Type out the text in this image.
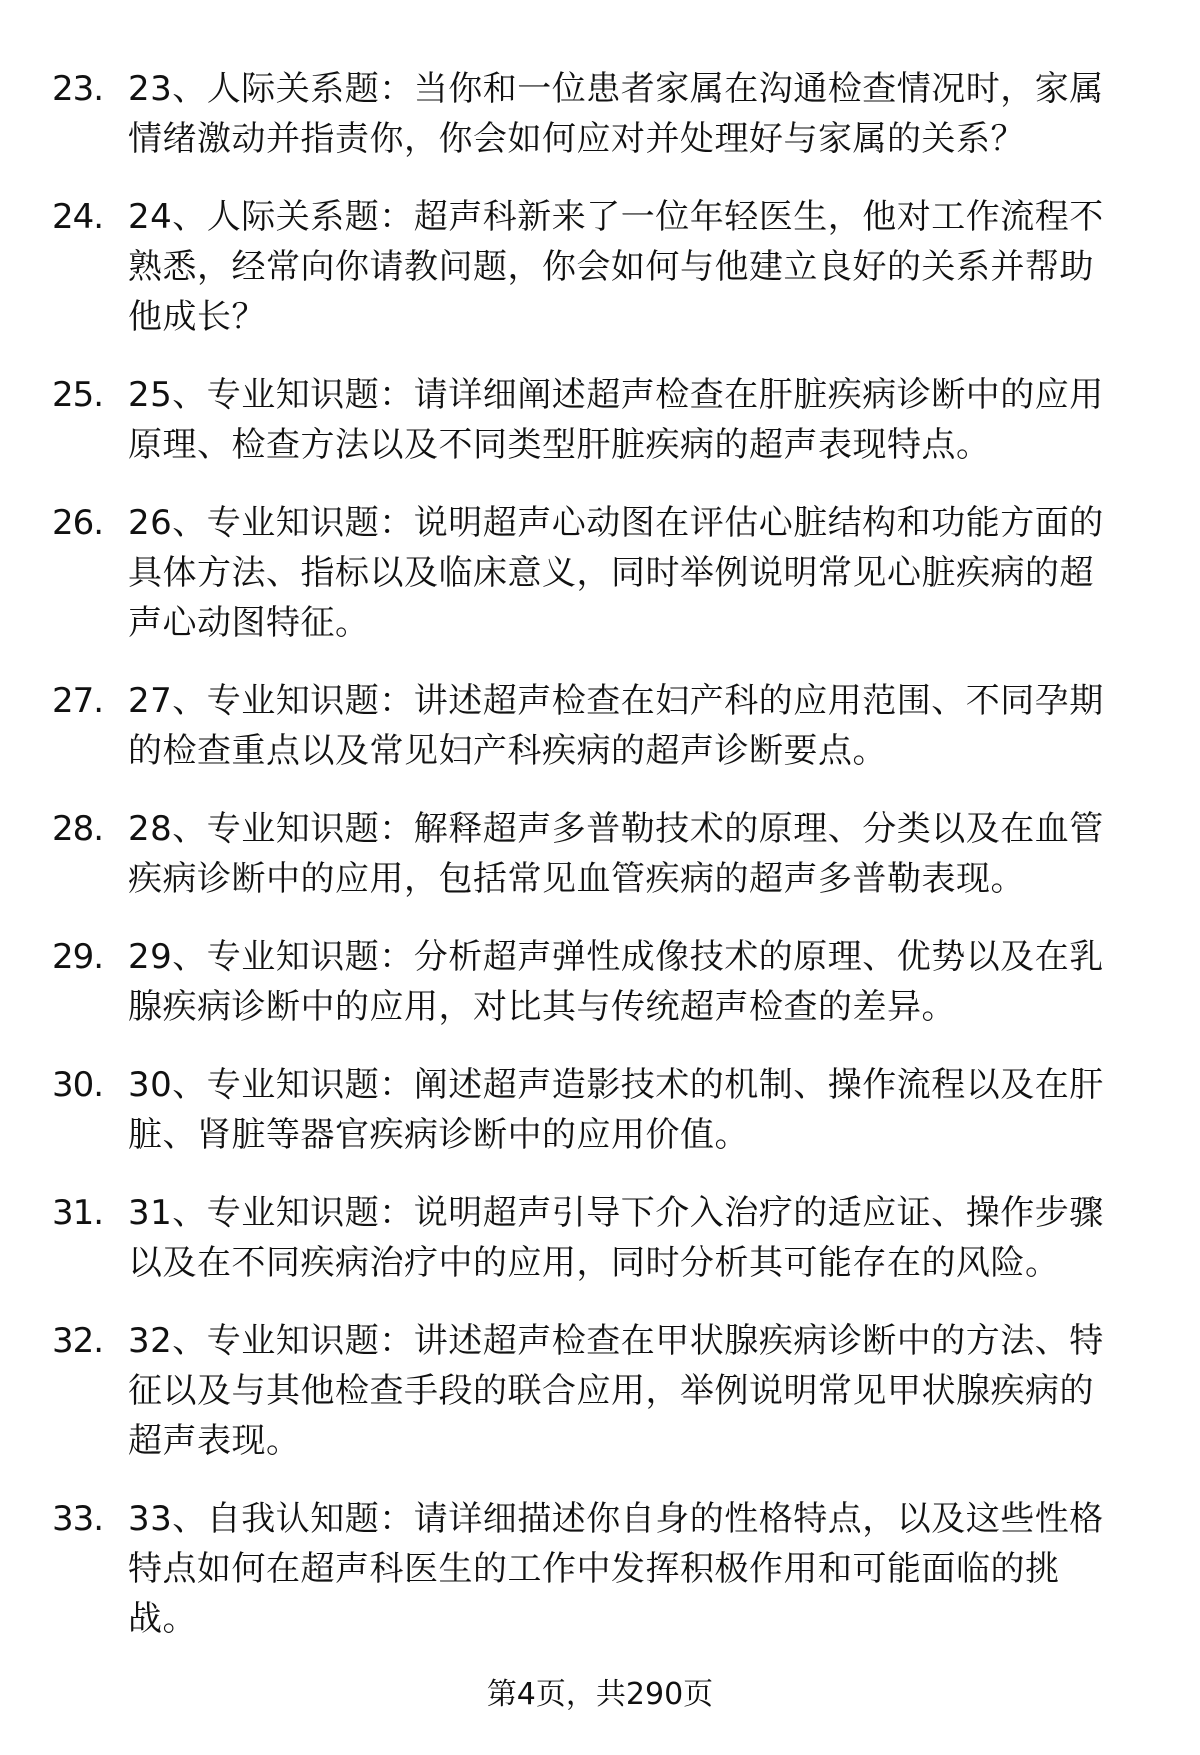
23. 23、人际关系题：当你和一位患者家属在沟通检查情况时，家属
情绪激动并指责你，你会如何应对并处理好与家属的关系？
24. 24、人际关系题：超声科新来了一位年轻医生，他对工作流程不
熟悉，经常向你请教问题，你会如何与他建立良好的关系并帮助
他成长？
25. 25、专业知识题：请详细阐述超声检查在肝脏疾病诊断中的应用
原理、检查方法以及不同类型肝脏疾病的超声表现特点。
26. 26、专业知识题：说明超声心动图在评估心脏结构和功能方面的
具体方法、指标以及临床意义，同时举例说明常见心脏疾病的超
声心动图特征。
27. 27、专业知识题：讲述超声检查在妇产科的应用范围、不同孕期
的检查重点以及常见妇产科疾病的超声诊断要点。
28. 28、专业知识题：解释超声多普勒技术的原理、分类以及在血管
疾病诊断中的应用，包括常见血管疾病的超声多普勒表现。
29. 29、专业知识题：分析超声弹性成像技术的原理、优势以及在乳
腺疾病诊断中的应用，对比其与传统超声检查的差异。
30. 30、专业知识题：阐述超声造影技术的机制、操作流程以及在肝
脏、肾脏等器官疾病诊断中的应用价值。
31. 31、专业知识题：说明超声引导下介入治疗的适应证、操作步骤
以及在不同疾病治疗中的应用，同时分析其可能存在的风险。
32. 32、专业知识题：讲述超声检查在甲状腺疾病诊断中的方法、特
征以及与其他检查手段的联合应用，举例说明常见甲状腺疾病的
超声表现。
33. 33、自我认知题：请详细描述你自身的性格特点，以及这些性格
特点如何在超声科医生的工作中发挥积极作用和可能面临的挑
战。
第4页，共290页
